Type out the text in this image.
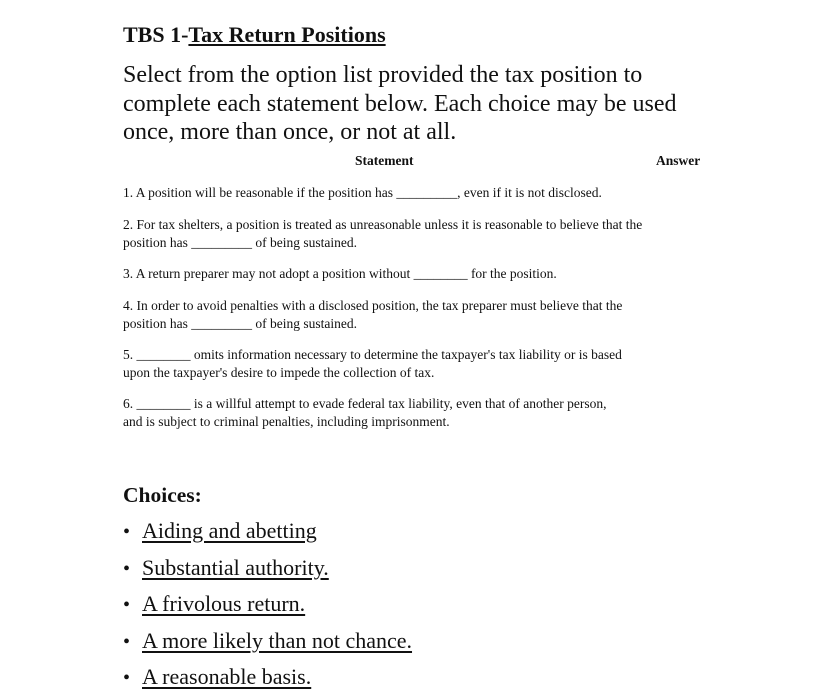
TBS 1-Tax Return Positions
Select from the option list provided the tax position to complete each statement below. Each choice may be used once, more than once, or not at all.
Statement	Answer
1. A position will be reasonable if the position has _________, even if it is not disclosed.
2. For tax shelters, a position is treated as unreasonable unless it is reasonable to believe that the position has _________ of being sustained.
3. A return preparer may not adopt a position without ________ for the position.
4. In order to avoid penalties with a disclosed position, the tax preparer must believe that the position has _________ of being sustained.
5. ________ omits information necessary to determine the taxpayer's tax liability or is based upon the taxpayer's desire to impede the collection of tax.
6. ________ is a willful attempt to evade federal tax liability, even that of another person, and is subject to criminal penalties, including imprisonment.
Choices:
• Aiding and abetting
• Substantial authority.
• A frivolous return.
• A more likely than not chance.
• A reasonable basis.
